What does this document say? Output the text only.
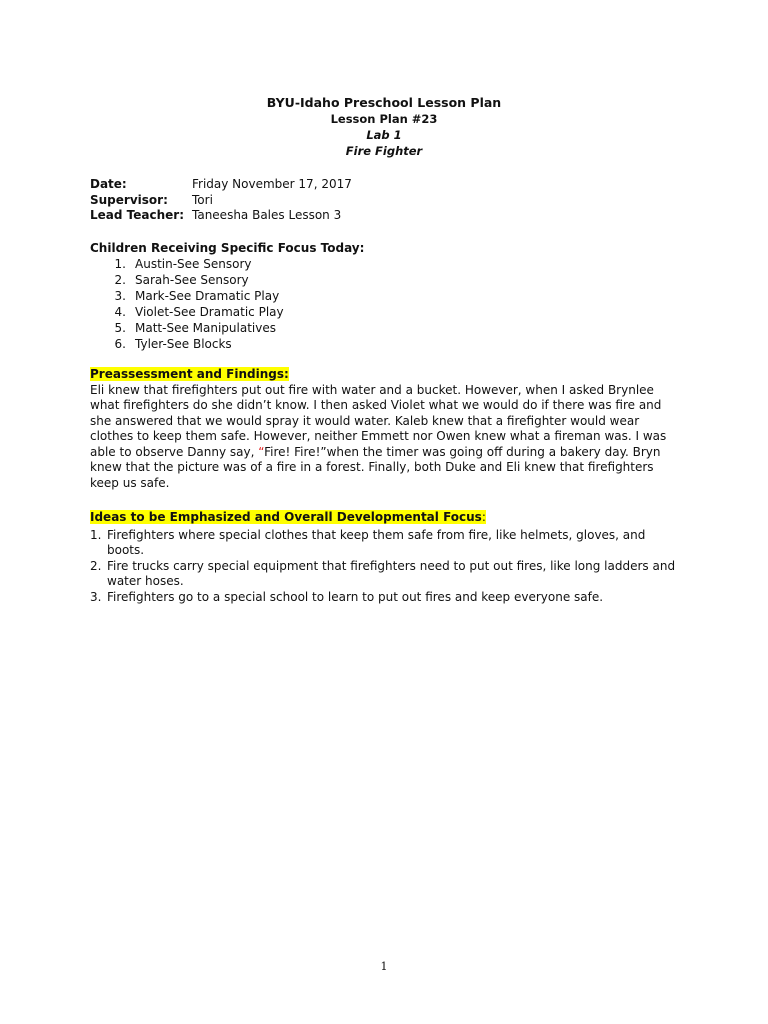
BYU-Idaho Preschool Lesson Plan
Lesson Plan #23
Lab 1
Fire Fighter
Date:	Friday November 17, 2017
Supervisor:	Tori
Lead Teacher: Taneesha Bales Lesson 3
Children Receiving Specific Focus Today:
1. Austin-See Sensory
2. Sarah-See Sensory
3. Mark-See Dramatic Play
4. Violet-See Dramatic Play
5. Matt-See Manipulatives
6. Tyler-See Blocks
Preassessment and Findings:

Eli knew that firefighters put out fire with water and a bucket. However, when I asked Brynlee what firefighters do she didn’t know. I then asked Violet what we would do if there was fire and she answered that we would spray it would water. Kaleb knew that a firefighter would wear clothes to keep them safe. However, neither Emmett nor Owen knew what a fireman was. I was able to observe Danny say, “Fire! Fire!”when the timer was going off during a bakery day. Bryn knew that the picture was of a fire in a forest. Finally, both Duke and Eli knew that firefighters keep us safe.

Ideas to be Emphasized and Overall Developmental Focus:
1. Firefighters where special clothes that keep them safe from fire, like helmets, gloves, and boots.
2. Fire trucks carry special equipment that firefighters need to put out fires, like long ladders and water hoses.
3. Firefighters go to a special school to learn to put out fires and keep everyone safe.
1
